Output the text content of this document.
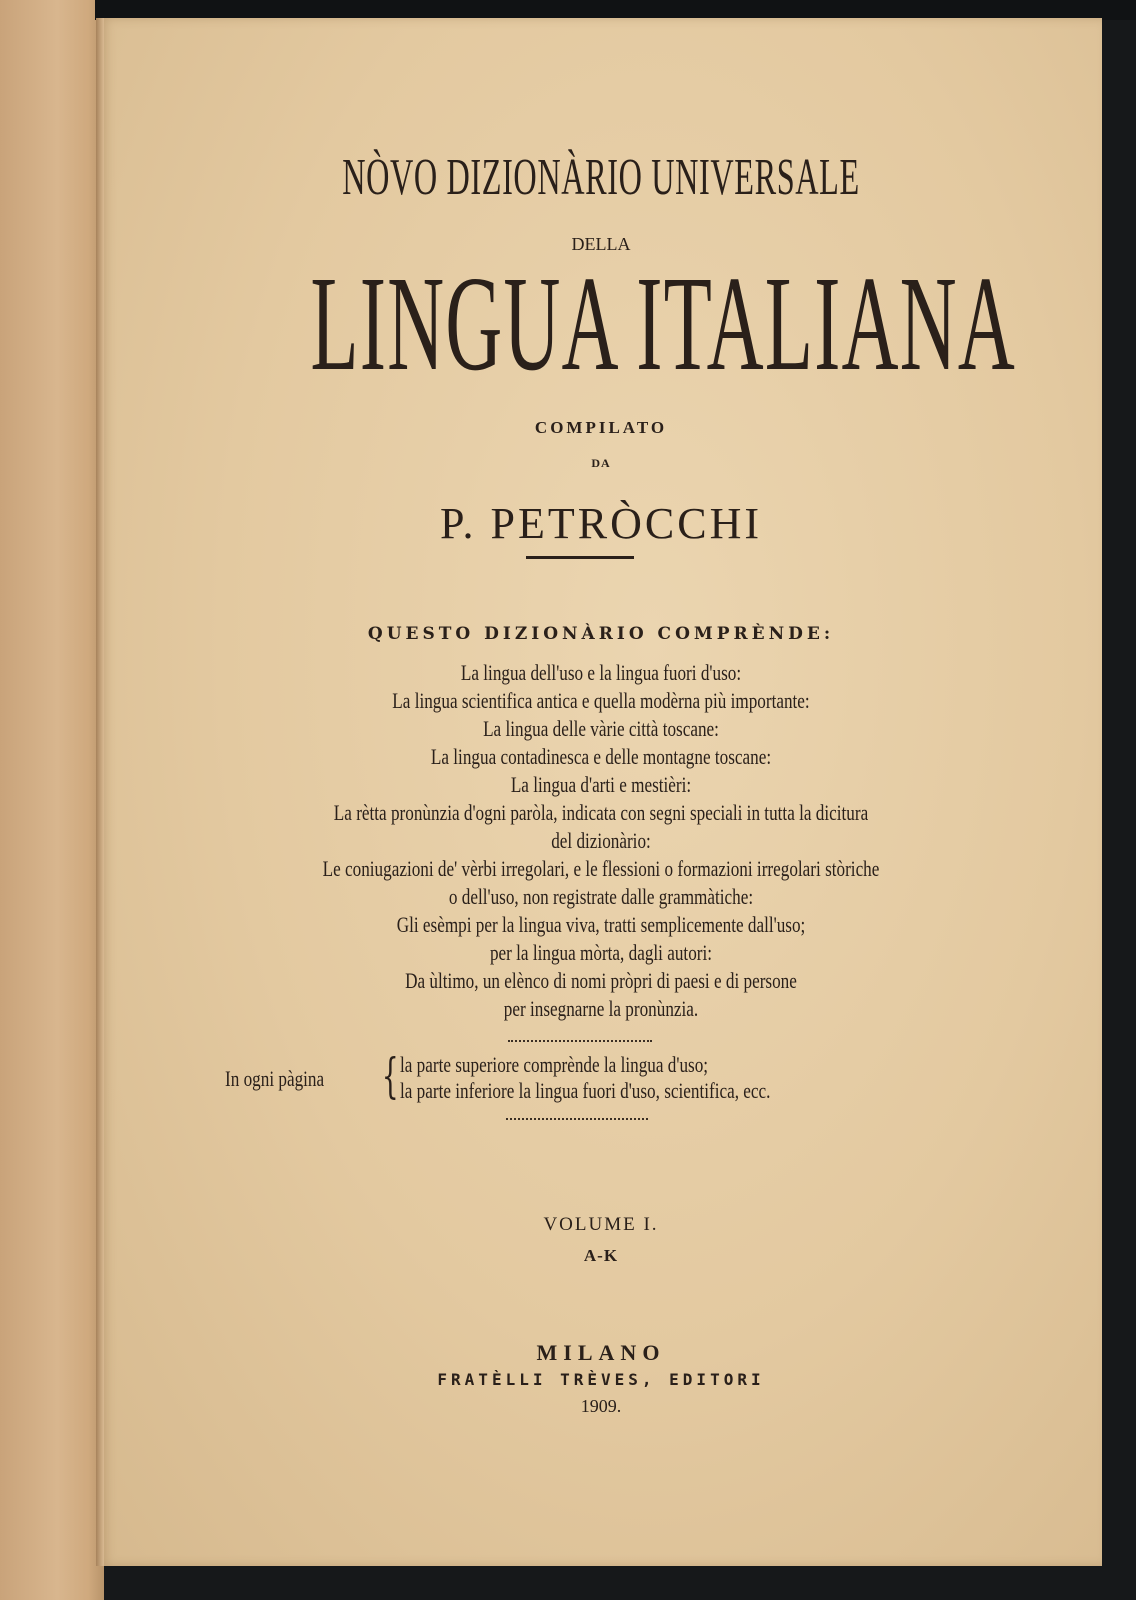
NÒVO DIZIONÀRIO UNIVERSALE
DELLA
LINGUA ITALIANA
COMPILATO
DA
P. PETRÒCCHI
QUESTO DIZIONÀRIO COMPRÈNDE:
La lingua dell'uso e la lingua fuori d'uso:
La lingua scientifica antica e quella modèrna più importante:
La lingua delle vàrie città toscane:
La lingua contadinesca e delle montagne toscane:
La lingua d'arti e mestièri:
La rètta pronùnzia d'ogni paròla, indicata con segni speciali in tutta la dicitura
del dizionàrio:
Le coniugazioni de' vèrbi irregolari, e le flessioni o formazioni irregolari stòriche
o dell'uso, non registrate dalle grammàtiche:
Gli esèmpi per la lingua viva, tratti semplicemente dall'uso;
per la lingua mòrta, dagli autori:
Da ùltimo, un elènco di nomi pròpri di paesi e di persone
per insegnarne la pronùnzia.
In ogni pàgina { la parte superiore comprènde la lingua d'uso;
la parte inferiore la lingua fuori d'uso, scientifica, ecc.
VOLUME I.
A-K
MILANO
FRATÈLLI TRÈVES, EDITORI
1909.
